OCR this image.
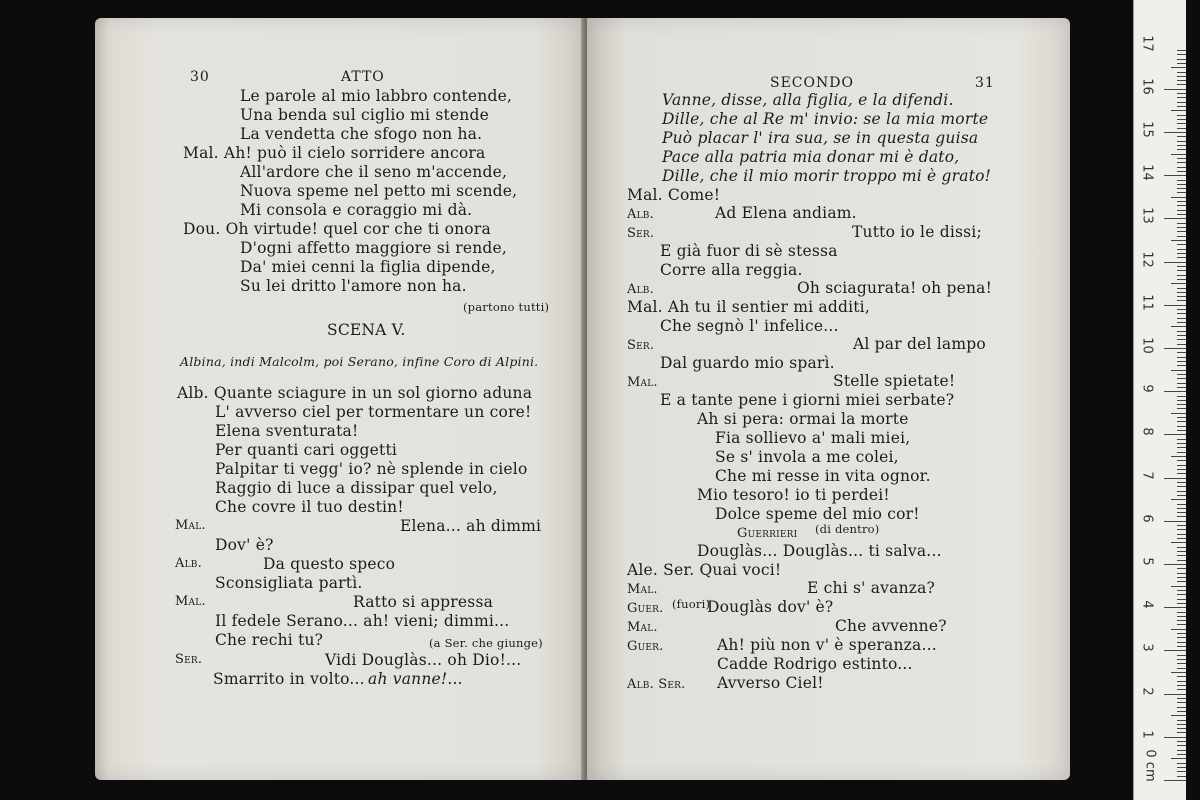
30	ATTO
Le parole al mio labbro contende,
Una benda sul ciglio mi stende
La vendetta che sfogo non ha.
Mal. Ah! può il cielo sorridere ancora
All'ardore che il seno m'accende,
Nuova speme nel petto mi scende,
Mi consola e coraggio mi dà.
Dou. Oh virtude! quel cor che ti onora
D'ogni affetto maggiore si rende,
Da' miei cenni la figlia dipende,
Su lei dritto l'amore non ha.
(partono tutti)
SCENA V.
Albina, indi Malcolm, poi Serano, infine Coro di Alpini.
Alb. Quante sciagure in un sol giorno aduna
L' avverso ciel per tormentare un core!
Elena sventurata!
Per quanti cari oggetti
Palpitar ti vegg' io? nè splende in cielo
Raggio di luce a dissipar quel velo,
Che covre il tuo destin!
Mal.	Elena... ah dimmi
Dov' è?
Alb.	Da questo speco
Sconsigliata partì.
Mal.	Ratto si appressa
Il fedele Serano... ah! vieni; dimmi...
Che rechi tu?	(a Ser. che giunge)
Ser.	Vidi Douglàs... oh Dio!...
Smarrito in volto... ah vanne!...
SECONDO	31
Vanne, disse, alla figlia, e la difendi.
Dille, che al Re m' invio: se la mia morte
Può placar l' ira sua, se in questa guisa
Pace alla patria mia donar mi è dato,
Dille, che il mio morir troppo mi è grato!
Mal. Come!
Alb.	Ad Elena andiam.
Ser.	Tutto io le dissi;
E già fuor di sè stessa
Corre alla reggia.
Alb.	Oh sciagurata! oh pena!
Mal. Ah tu il sentier mi additi,
Che segnò l' infelice...
Ser.	Al par del lampo
Dal guardo mio sparì.
Mal.	Stelle spietate!
E a tante pene i giorni miei serbate?
Ah si pera: ormai la morte
Fia sollievo a' mali miei,
Se s' invola a me colei,
Che mi resse in vita ognor.
Mio tesoro! io ti perdei!
Dolce speme del mio cor!
Guerrieri (di dentro)
Douglàs... Douglàs... ti salva...
Ale. Ser. Quai voci!
Mal.	E chi s' avanza?
Guer. (fuori)
Douglàs dov' è?
Mal.	Che avvenne?
Guer.	Ah! più non v' è speranza...
Cadde Rodrigo estinto...
Alb. Ser. Avverso Ciel!
0 cm
1
2
3
4
5
6
7
8
9
10
11
12
13
14
15
16
17
